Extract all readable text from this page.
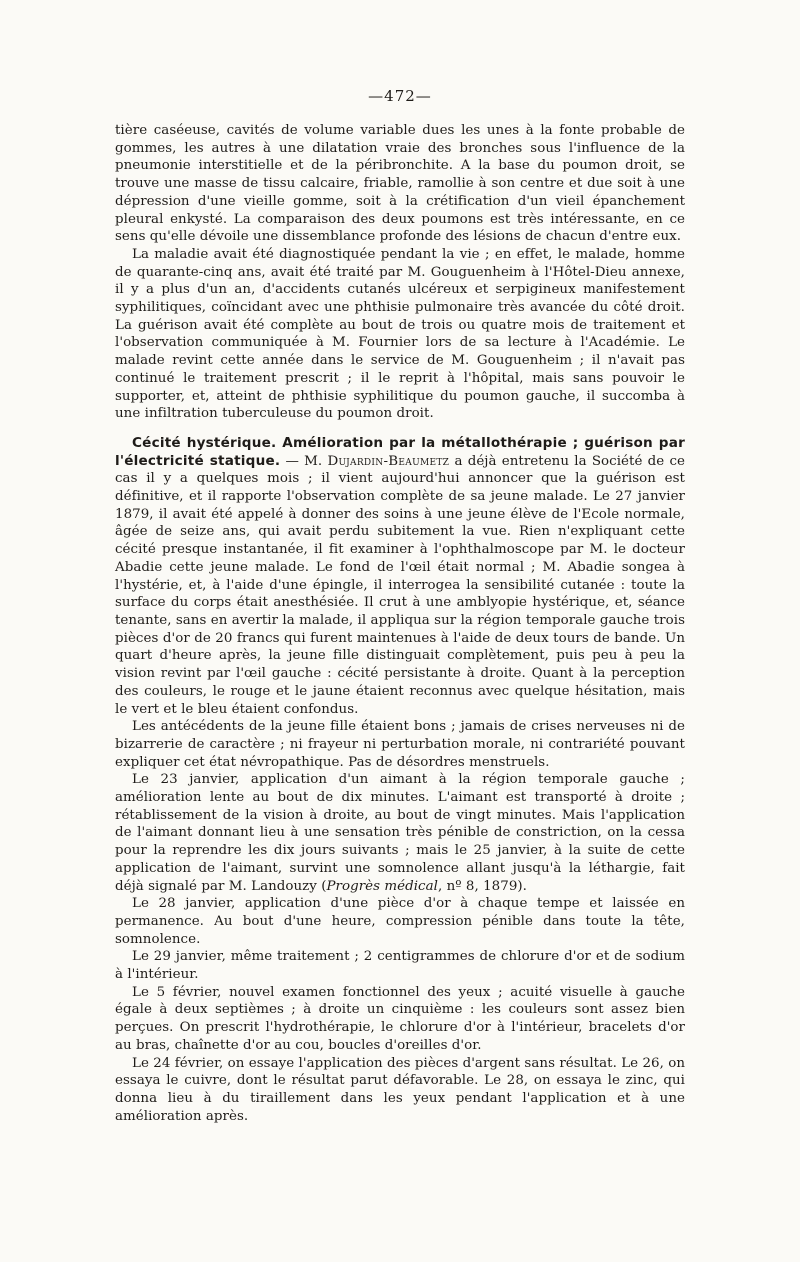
—472—

tière caséeuse, cavités de volume variable dues les unes à la fonte probable de gommes, les autres à une dilatation vraie des bronches sous l'influence de la pneumonie interstitielle et de la péribronchite. A la base du poumon droit, se trouve une masse de tissu calcaire, friable, ramollie à son centre et due soit à une dépression d'une vieille gomme, soit à la crétification d'un vieil épanchement pleural enkysté. La comparaison des deux poumons est très intéressante, en ce sens qu'elle dévoile une dissemblance profonde des lésions de chacun d'entre eux.

La maladie avait été diagnostiquée pendant la vie ; en effet, le malade, homme de quarante-cinq ans, avait été traité par M. Gouguenheim à l'Hôtel-Dieu annexe, il y a plus d'un an, d'accidents cutanés ulcéreux et serpigineux manifestement syphilitiques, coïncidant avec une phthisie pulmonaire très avancée du côté droit. La guérison avait été complète au bout de trois ou quatre mois de traitement et l'observation communiquée à M. Fournier lors de sa lecture à l'Académie. Le malade revint cette année dans le service de M. Gouguenheim ; il n'avait pas continué le traitement prescrit ; il le reprit à l'hôpital, mais sans pouvoir le supporter, et, atteint de phthisie syphilitique du poumon gauche, il succomba à une infiltration tuberculeuse du poumon droit.

Cécité hystérique. Amélioration par la métallothérapie ; guérison par l'électricité statique. — M. Dujardin-Beaumetz a déjà entretenu la Société de ce cas il y a quelques mois ; il vient aujourd'hui annoncer que la guérison est définitive, et il rapporte l'observation complète de sa jeune malade. Le 27 janvier 1879, il avait été appelé à donner des soins à une jeune élève de l'Ecole normale, âgée de seize ans, qui avait perdu subitement la vue. Rien n'expliquant cette cécité presque instantanée, il fit examiner à l'ophthalmoscope par M. le docteur Abadie cette jeune malade. Le fond de l'œil était normal ; M. Abadie songea à l'hystérie, et, à l'aide d'une épingle, il interrogea la sensibilité cutanée : toute la surface du corps était anesthésiée. Il crut à une amblyopie hystérique, et, séance tenante, sans en avertir la malade, il appliqua sur la région temporale gauche trois pièces d'or de 20 francs qui furent maintenues à l'aide de deux tours de bande. Un quart d'heure après, la jeune fille distinguait complètement, puis peu à peu la vision revint par l'œil gauche : cécité persistante à droite. Quant à la perception des couleurs, le rouge et le jaune étaient reconnus avec quelque hésitation, mais le vert et le bleu étaient confondus.

Les antécédents de la jeune fille étaient bons ; jamais de crises nerveuses ni de bizarrerie de caractère ; ni frayeur ni perturbation morale, ni contrariété pouvant expliquer cet état névropathique. Pas de désordres menstruels.

Le 23 janvier, application d'un aimant à la région temporale gauche ; amélioration lente au bout de dix minutes. L'aimant est transporté à droite ; rétablissement de la vision à droite, au bout de vingt minutes. Mais l'application de l'aimant donnant lieu à une sensation très pénible de constriction, on la cessa pour la reprendre les dix jours suivants ; mais le 25 janvier, à la suite de cette application de l'aimant, survint une somnolence allant jusqu'à la léthargie, fait déjà signalé par M. Landouzy (Progrès médical, nº 8, 1879).

Le 28 janvier, application d'une pièce d'or à chaque tempe et laissée en permanence. Au bout d'une heure, compression pénible dans toute la tête, somnolence.

Le 29 janvier, même traitement ; 2 centigrammes de chlorure d'or et de sodium à l'intérieur.

Le 5 février, nouvel examen fonctionnel des yeux ; acuité visuelle à gauche égale à deux septièmes ; à droite un cinquième : les couleurs sont assez bien perçues. On prescrit l'hydrothérapie, le chlorure d'or à l'intérieur, bracelets d'or au bras, chaînette d'or au cou, boucles d'oreilles d'or.

Le 24 février, on essaye l'application des pièces d'argent sans résultat. Le 26, on essaya le cuivre, dont le résultat parut défavorable. Le 28, on essaya le zinc, qui donna lieu à du tiraillement dans les yeux pendant l'application et à une amélioration après.
